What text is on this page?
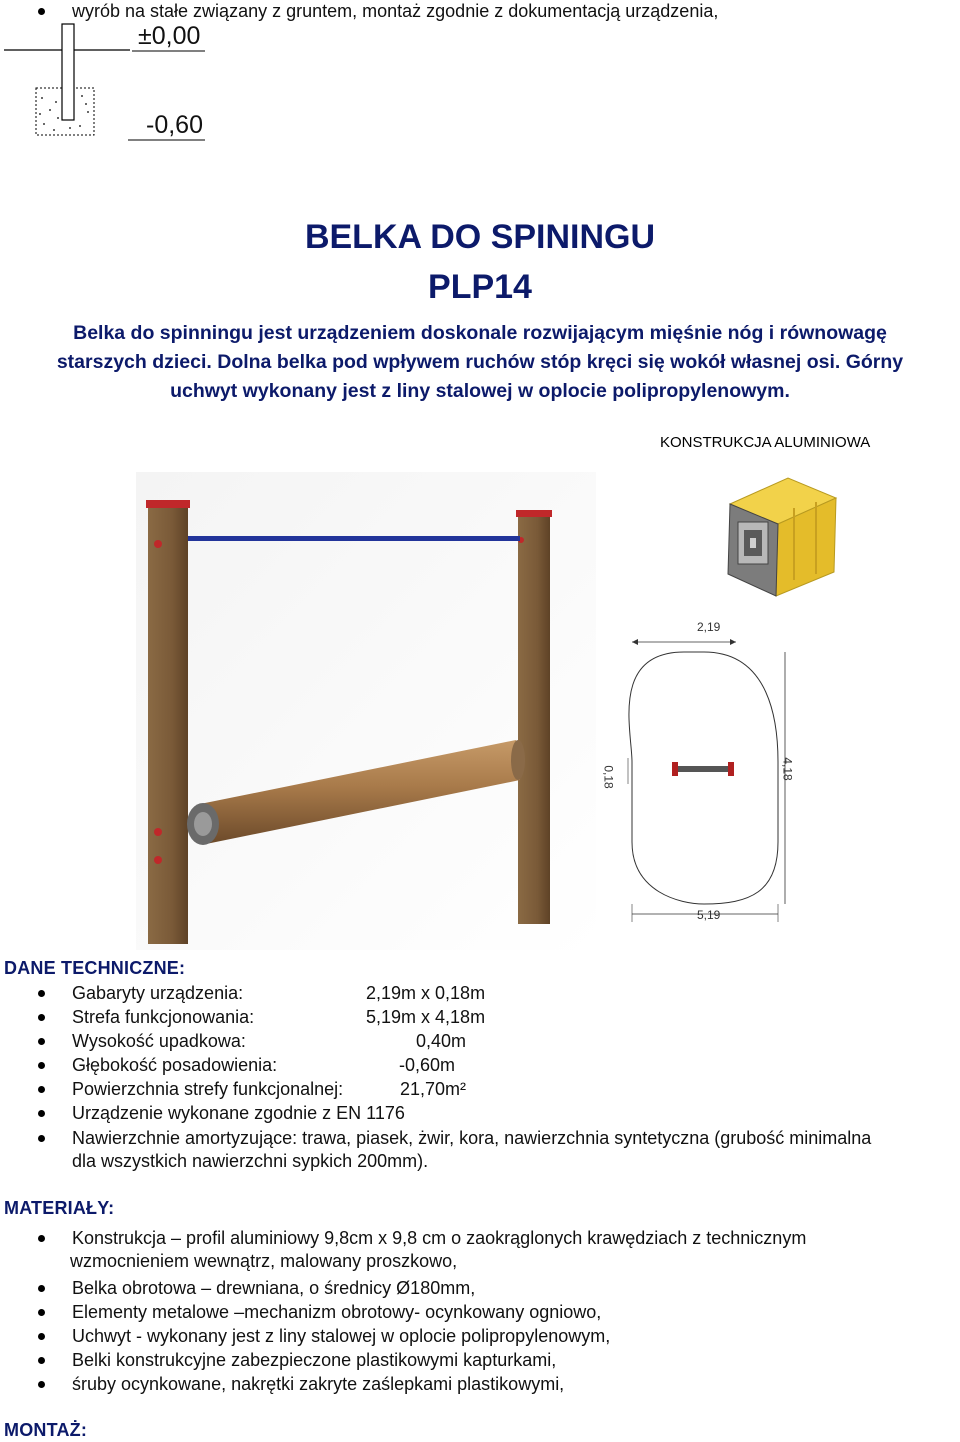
wyrób na stałe związany z gruntem, montaż zgodnie z dokumentacją urządzenia,
±0,00
-0,60
BELKA DO SPININGU
PLP14
Belka do spinningu jest urządzeniem doskonale rozwijającym mięśnie nóg i równowagę
starszych dzieci. Dolna belka pod wpływem ruchów stóp kręci się wokół własnej osi. Górny
uchwyt wykonany jest z liny stalowej w oplocie polipropylenowym.
KONSTRUKCJA ALUMINIOWA
2,19
0,18	4,18
5,19
DANE TECHNICZNE:
Gabaryty urządzenia:	2,19m x 0,18m
Strefa funkcjonowania:	5,19m x 4,18m
Wysokość upadkowa:	0,40m
Głębokość posadowienia:	-0,60m
Powierzchnia strefy funkcjonalnej:	21,70m²
Urządzenie wykonane zgodnie z EN 1176
Nawierzchnie amortyzujące: trawa, piasek, żwir, kora, nawierzchnia syntetyczna (grubość minimalna
dla wszystkich nawierzchni sypkich 200mm).
MATERIAŁY:
Konstrukcja – profil aluminiowy 9,8cm x 9,8 cm o zaokrąglonych krawędziach z technicznym
wzmocnieniem wewnątrz, malowany proszkowo,
Belka obrotowa – drewniana, o średnicy Ø180mm,
Elementy metalowe –mechanizm obrotowy- ocynkowany ogniowo,
Uchwyt - wykonany jest z liny stalowej w oplocie polipropylenowym,
Belki konstrukcyjne zabezpieczone plastikowymi kapturkami,
śruby ocynkowane, nakrętki zakryte zaślepkami plastikowymi,
MONTAŻ:
